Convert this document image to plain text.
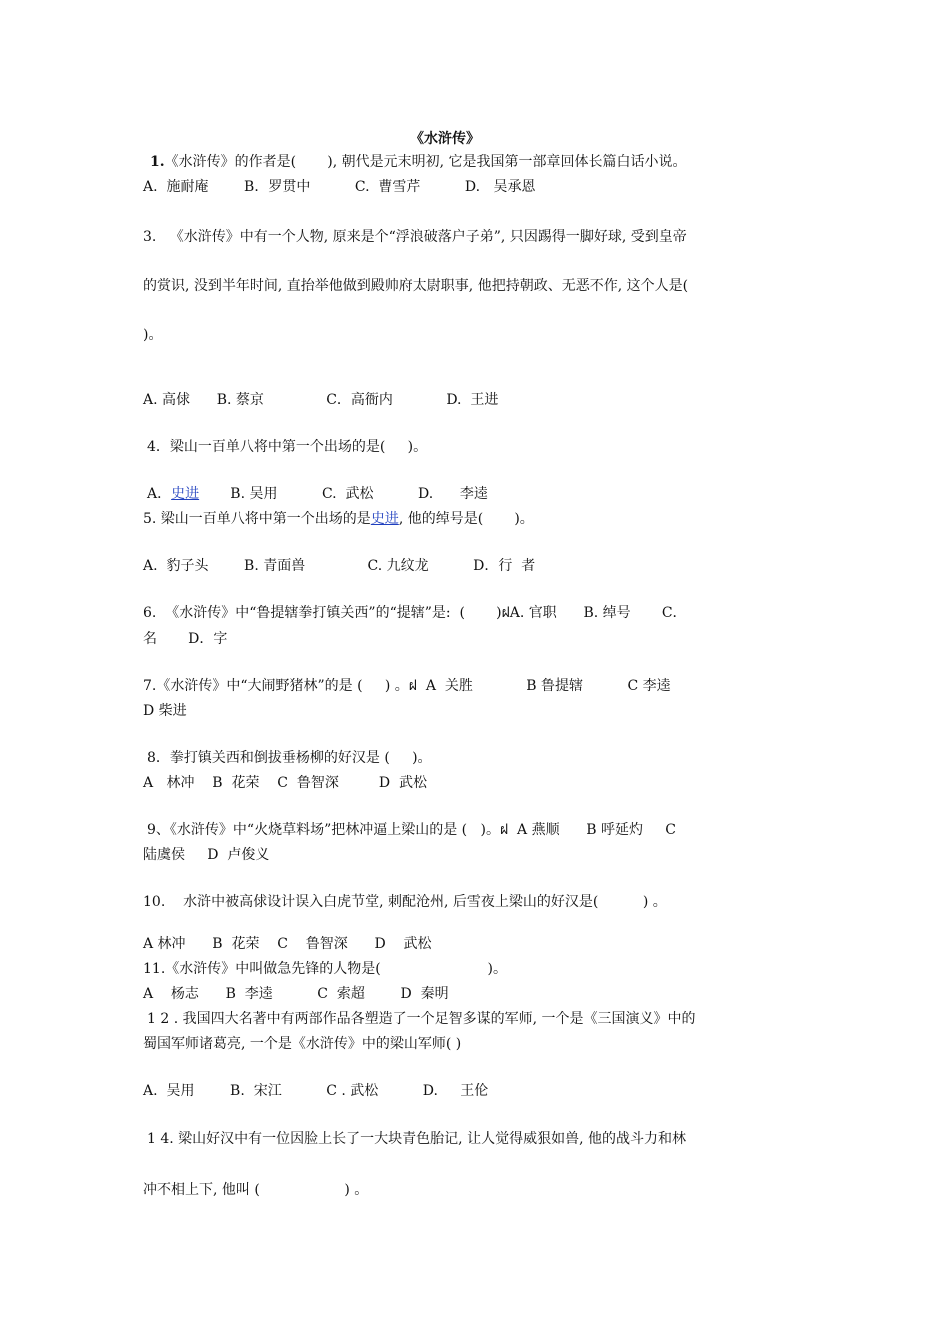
《水浒传》
1.《水浒传》的作者是(       ), 朝代是元末明初, 它是我国第一部章回体长篇白话小说。
A.  施耐庵        B．罗贯中          C.  曹雪芹          D.   吴承恩
3.   《水浒传》中有一个人物, 原来是个“浮浪破落户子弟”, 只因踢得一脚好球, 受到皇帝
的赏识, 没到半年时间, 直抬举他做到殿帅府太尉职事, 他把持朝政、无恶不作, 这个人是(
)。
A. 高俅      B. 蔡京              C．高衙内            D.  王进
4．梁山一百单八将中第一个出场的是(     )。
A．史进       B. 吴用          C.  武松          D.      李逵
5. 梁山一百单八将中第一个出场的是史进, 他的绰号是(       )。
A.  豹子头        B. 青面兽              C. 九纹龙          D．行  者
6.  《水浒传》中“鲁提辖拳打镇关西”的“提辖”是:  (       )ฝA. 官职      B. 绰号       C．
名       D．字
7.《水浒传》中“大闹野猪林”的是 (     ) 。ฝ  A  关胜            B 鲁提辖          C 李逵
D 柴进
8．拳打镇关西和倒拔垂杨柳的好汉是 (     )。
A   林冲    B  花荣    C  鲁智深         D  武松
9、《水浒传》中“火烧草料场”把林冲逼上梁山的是 (   )。ฝ  A 燕顺      B 呼延灼     C
陆虞侯     D  卢俊义
10.    水浒中被高俅设计误入白虎节堂, 刺配沧州, 后雪夜上梁山的好汉是(          ) 。
A 林冲      B  花荣    C    鲁智深      D    武松
11.《水浒传》中叫做急先锋的人物是(                        )。
A    杨志      B  李逵          C  索超        D  秦明
1 2 . 我国四大名著中有两部作品各塑造了一个足智多谋的军师, 一个是《三国演义》中的
蜀国军师诸葛亮, 一个是《水浒传》中的梁山军师( )
A.  吴用        B.  宋江          C . 武松          D.     王伦
1 4. 梁山好汉中有一位因脸上长了一大块青色胎记, 让人觉得威狠如兽, 他的战斗力和林
冲不相上下, 他叫 (                   ) 。
